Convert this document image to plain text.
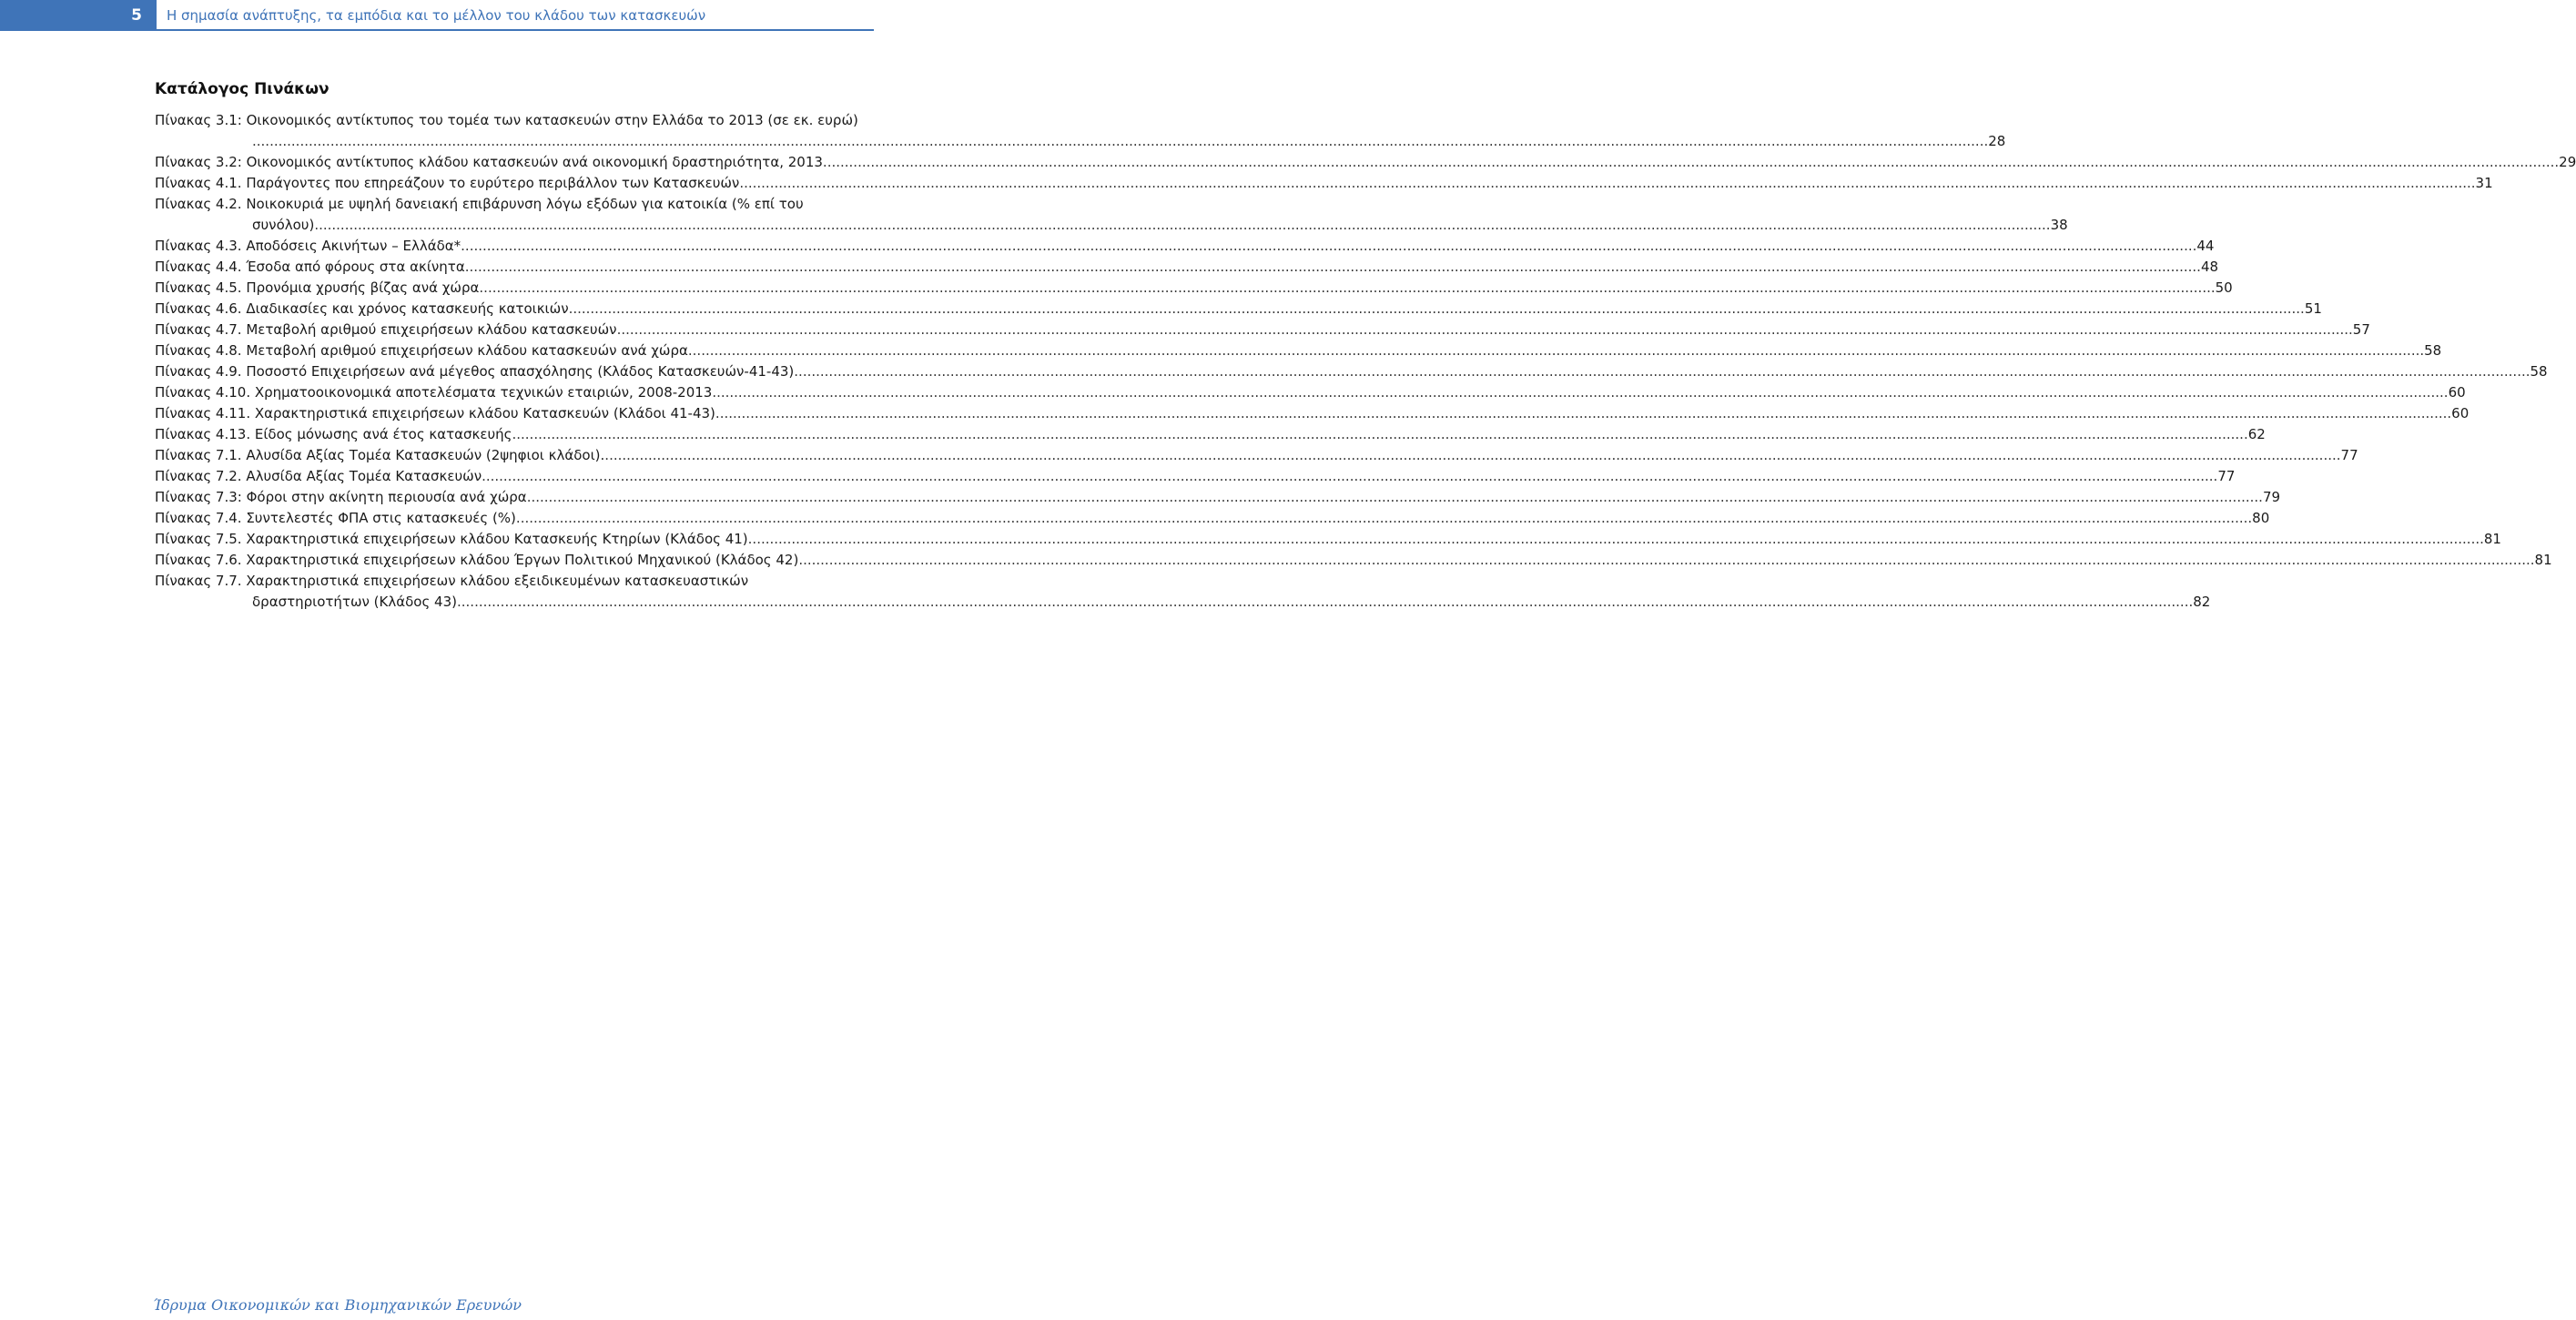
5	Η σημασία ανάπτυξης, τα εμπόδια και το μέλλον του κλάδου των κατασκευών
Κατάλογος Πινάκων
Πίνακας 3.1: Οικονομικός αντίκτυπος του τομέα των κατασκευών στην Ελλάδα το 2013 (σε εκ. ευρώ)
................................................................................................................................................................................................................................................................................................................................................................................................................ 28
Πίνακας 3.2: Οικονομικός αντίκτυπος κλάδου κατασκευών ανά οικονομική δραστηριότητα, 2013 ................................................................................................................................................................................................................................................................................................................................................................................................................ 29
Πίνακας 4.1. Παράγοντες που επηρεάζουν το ευρύτερο περιβάλλον των Κατασκευών ................................................................................................................................................................................................................................................................................................................................................................................................................ 31
Πίνακας 4.2. Νοικοκυριά με υψηλή δανειακή επιβάρυνση λόγω εξόδων για κατοικία (% επί του
συνόλου) ................................................................................................................................................................................................................................................................................................................................................................................................................ 38
Πίνακας 4.3. Αποδόσεις Ακινήτων – Ελλάδα* ................................................................................................................................................................................................................................................................................................................................................................................................................ 44
Πίνακας 4.4. Έσοδα από φόρους στα ακίνητα ................................................................................................................................................................................................................................................................................................................................................................................................................ 48
Πίνακας 4.5. Προνόμια χρυσής βίζας ανά χώρα ................................................................................................................................................................................................................................................................................................................................................................................................................ 50
Πίνακας 4.6. Διαδικασίες και χρόνος κατασκευής κατοικιών ................................................................................................................................................................................................................................................................................................................................................................................................................ 51
Πίνακας 4.7. Μεταβολή αριθμού επιχειρήσεων κλάδου κατασκευών ................................................................................................................................................................................................................................................................................................................................................................................................................ 57
Πίνακας 4.8. Μεταβολή αριθμού επιχειρήσεων κλάδου κατασκευών ανά χώρα ................................................................................................................................................................................................................................................................................................................................................................................................................ 58
Πίνακας 4.9. Ποσοστό Επιχειρήσεων ανά μέγεθος απασχόλησης (Κλάδος Κατασκευών-41-43) ................................................................................................................................................................................................................................................................................................................................................................................................................ 58
Πίνακας 4.10. Χρηματοοικονομικά αποτελέσματα τεχνικών εταιριών, 2008-2013 ................................................................................................................................................................................................................................................................................................................................................................................................................ 60
Πίνακας 4.11. Χαρακτηριστικά επιχειρήσεων κλάδου Κατασκευών (Κλάδοι 41-43) ................................................................................................................................................................................................................................................................................................................................................................................................................ 60
Πίνακας 4.13. Είδος μόνωσης ανά έτος κατασκευής ................................................................................................................................................................................................................................................................................................................................................................................................................ 62
Πίνακας 7.1. Αλυσίδα Αξίας Τομέα Κατασκευών (2ψηφιοι κλάδοι). ................................................................................................................................................................................................................................................................................................................................................................................................................ 77
Πίνακας 7.2. Αλυσίδα Αξίας Τομέα Κατασκευών ................................................................................................................................................................................................................................................................................................................................................................................................................ 77
Πίνακας 7.3: Φόροι στην ακίνητη περιουσία ανά χώρα ................................................................................................................................................................................................................................................................................................................................................................................................................ 79
Πίνακας 7.4. Συντελεστές ΦΠΑ στις κατασκευές (%) ................................................................................................................................................................................................................................................................................................................................................................................................................ 80
Πίνακας 7.5. Χαρακτηριστικά επιχειρήσεων κλάδου Κατασκευής Κτηρίων (Κλάδος 41) ................................................................................................................................................................................................................................................................................................................................................................................................................ 81
Πίνακας 7.6. Χαρακτηριστικά επιχειρήσεων κλάδου Έργων Πολιτικού Μηχανικού (Κλάδος 42) ................................................................................................................................................................................................................................................................................................................................................................................................................ 81
Πίνακας 7.7. Χαρακτηριστικά επιχειρήσεων κλάδου εξειδικευμένων κατασκευαστικών
δραστηριοτήτων (Κλάδος 43) ................................................................................................................................................................................................................................................................................................................................................................................................................ 82
Ίδρυμα Οικονομικών και Βιομηχανικών Ερευνών
